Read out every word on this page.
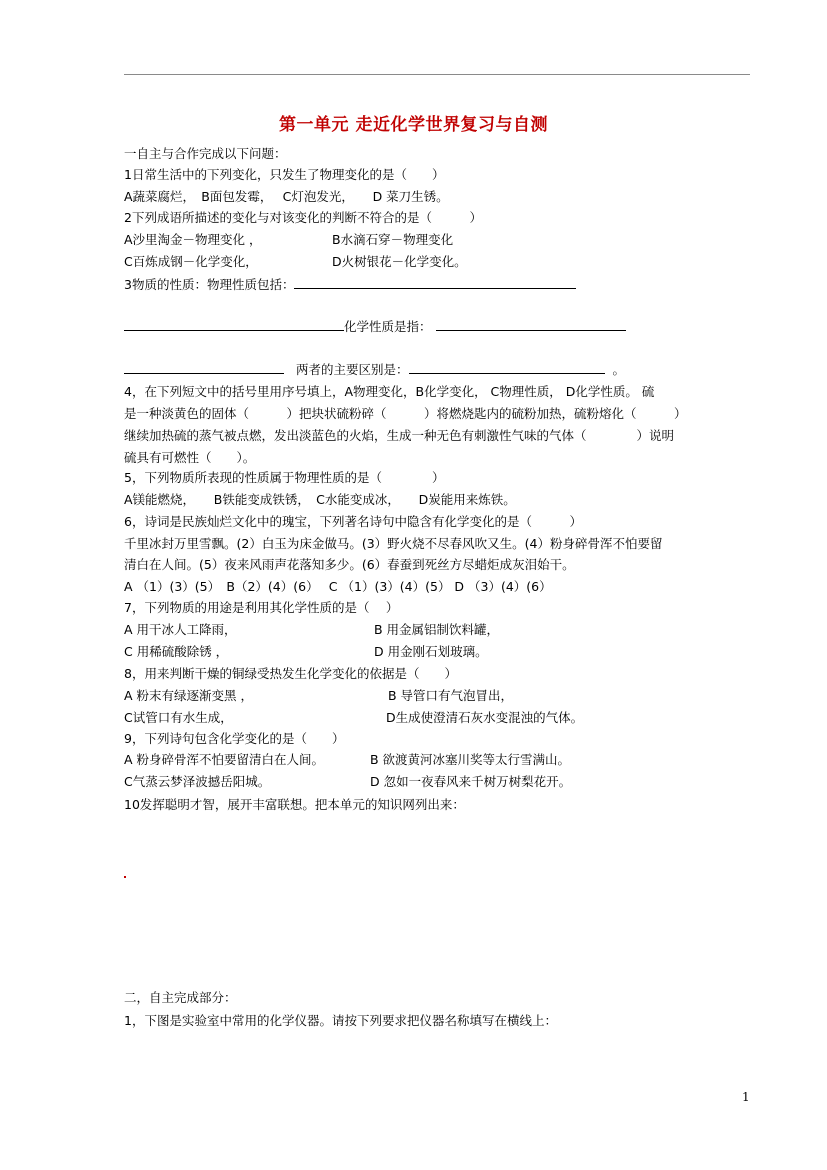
第一单元 走近化学世界复习与自测
一自主与合作完成以下问题：
1日常生活中的下列变化，只发生了物理变化的是（　　）
A蔬菜腐烂，　B面包发霉，　 C灯泡发光，　　D 菜刀生锈。
2下列成语所描述的变化与对该变化的判断不符合的是（　　　）
A沙里淘金－物理变化 ，	B水滴石穿－物理变化
C百炼成钢－化学变化，	D火树银花－化学变化。
3物质的性质：物理性质包括：
化学性质是指：
两者的主要区别是：	。
4，在下列短文中的括号里用序号填上，A物理变化，B化学变化， C物理性质， D化学性质。 硫
是一种淡黄色的固体（　　　）把块状硫粉碎（　　　）将燃烧匙内的硫粉加热，硫粉熔化（　　　）
继续加热硫的蒸气被点燃，发出淡蓝色的火焰，生成一种无色有刺激性气味的气体（　　　　）说明
硫具有可燃性（　　）。
5，下列物质所表现的性质属于物理性质的是（　　　　）
A镁能燃烧，　　B铁能变成铁锈，　C水能变成冰，　　D炭能用来炼铁。
6，诗词是民族灿烂文化中的瑰宝，下列著名诗句中隐含有化学变化的是（　　　）
千里冰封万里雪飘。(2）白玉为床金做马。(3）野火烧不尽春风吹又生。(4）粉身碎骨浑不怕要留
清白在人间。(5）夜来风雨声花落知多少。(6）春蚕到死丝方尽蜡炬成灰泪始干。
A （1）(3）(5）　B（2）(4）(6）　 C （1）(3）(4）(5） D （3）(4）(6）
7，下列物质的用途是利用其化学性质的是（　 ）
A 用干冰人工降雨，	B 用金属铝制饮料罐，
C 用稀硫酸除锈 ，	D 用金刚石划玻璃。
8，用来判断干燥的铜绿受热发生化学变化的依据是（　　）
A 粉末有绿逐渐变黑 ，	B 导管口有气泡冒出，
C试管口有水生成，	D生成使澄清石灰水变混浊的气体。
9，下列诗句包含化学变化的是（　　）
A 粉身碎骨浑不怕要留清白在人间。	B 欲渡黄河冰塞川奖等太行雪满山。
C气蒸云梦泽波撼岳阳城。	D 忽如一夜春风来千树万树梨花开。
10发挥聪明才智，展开丰富联想。把本单元的知识网列出来：
二，自主完成部分：
1，下图是实验室中常用的化学仪器。请按下列要求把仪器名称填写在横线上：
1
